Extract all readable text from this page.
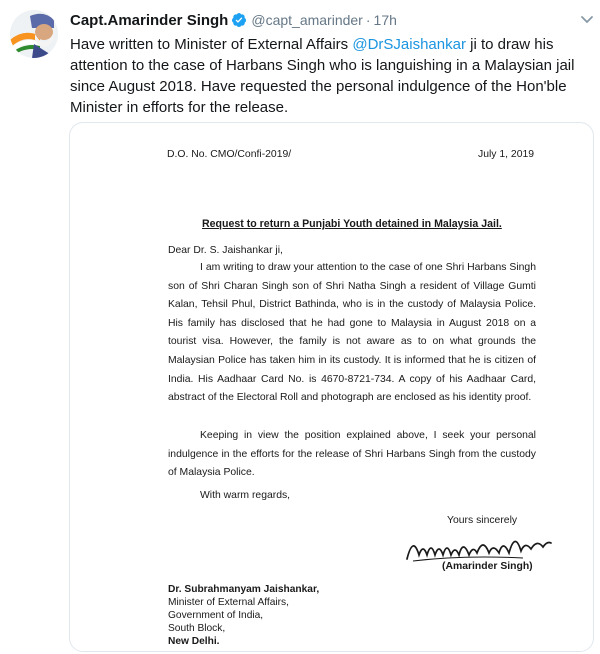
Capt.Amarinder Singh @capt_amarinder · 17h
Have written to Minister of External Affairs @DrSJaishankar ji to draw his attention to the case of Harbans Singh who is languishing in a Malaysian jail since August 2018. Have requested the personal indulgence of the Hon'ble Minister in efforts for the release.
D.O. No. CMO/Confi-2019/	July 1, 2019
Request to return a Punjabi Youth detained in Malaysia Jail.
Dear Dr. S. Jaishankar ji,
I am writing to draw your attention to the case of one Shri Harbans Singh son of Shri Charan Singh son of Shri Natha Singh a resident of Village Gumti Kalan, Tehsil Phul, District Bathinda, who is in the custody of Malaysia Police. His family has disclosed that he had gone to Malaysia in August 2018 on a tourist visa. However, the family is not aware as to on what grounds the Malaysian Police has taken him in its custody. It is informed that he is citizen of India. His Aadhaar Card No. is 4670-8721-734. A copy of his Aadhaar Card, abstract of the Electoral Roll and photograph are enclosed as his identity proof.
Keeping in view the position explained above, I seek your personal indulgence in the efforts for the release of Shri Harbans Singh from the custody of Malaysia Police.
With warm regards,
Yours sincerely
(Amarinder Singh)
Dr. Subrahmanyam Jaishankar,
Minister of External Affairs,
Government of India,
South Block,
New Delhi.
